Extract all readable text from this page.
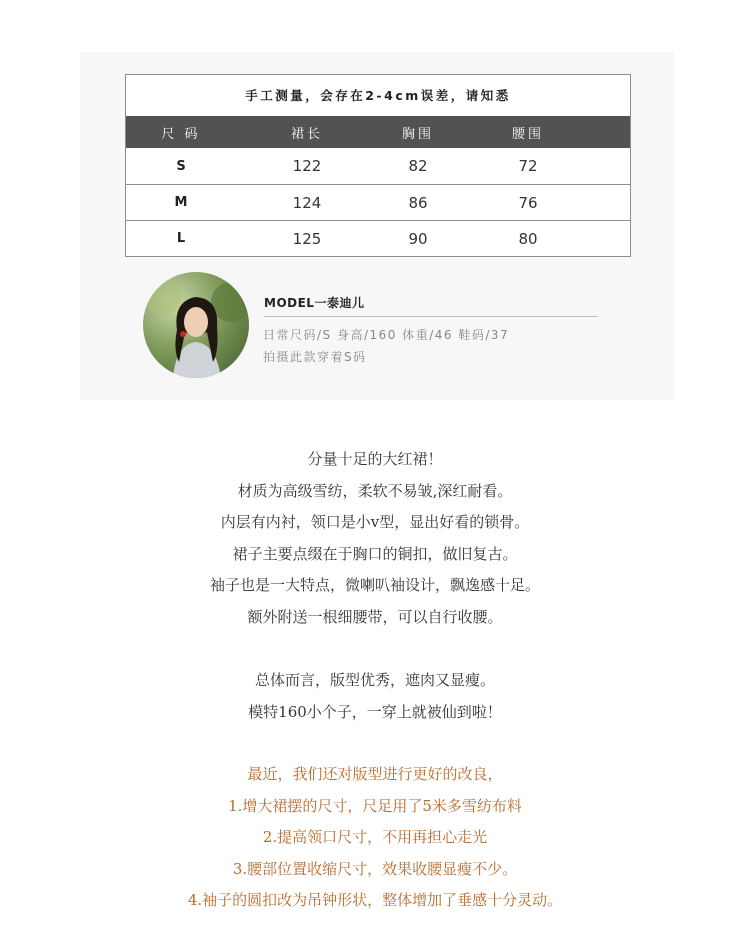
手工测量，会存在2-4cm误差，请知悉
尺 码	裙长	胸围	腰围
S	122	82	72
M	124	86	76
L	125	90	80
MODEL一泰迪儿
日常尺码/S 身高/160 体重/46 鞋码/37
拍摄此款穿着S码
分量十足的大红裙！
材质为高级雪纺，柔软不易皱,深红耐看。
内层有内衬，领口是小v型，显出好看的锁骨。
裙子主要点缀在于胸口的铜扣，做旧复古。
袖子也是一大特点，微喇叭袖设计，飘逸感十足。
额外附送一根细腰带，可以自行收腰。
总体而言，版型优秀，遮肉又显瘦。
模特160小个子，一穿上就被仙到啦！
最近，我们还对版型进行更好的改良，
1.增大裙摆的尺寸，尺足用了5米多雪纺布料
2.提高领口尺寸，不用再担心走光
3.腰部位置收缩尺寸，效果收腰显瘦不少。
4.袖子的圆扣改为吊钟形状，整体增加了垂感十分灵动。
